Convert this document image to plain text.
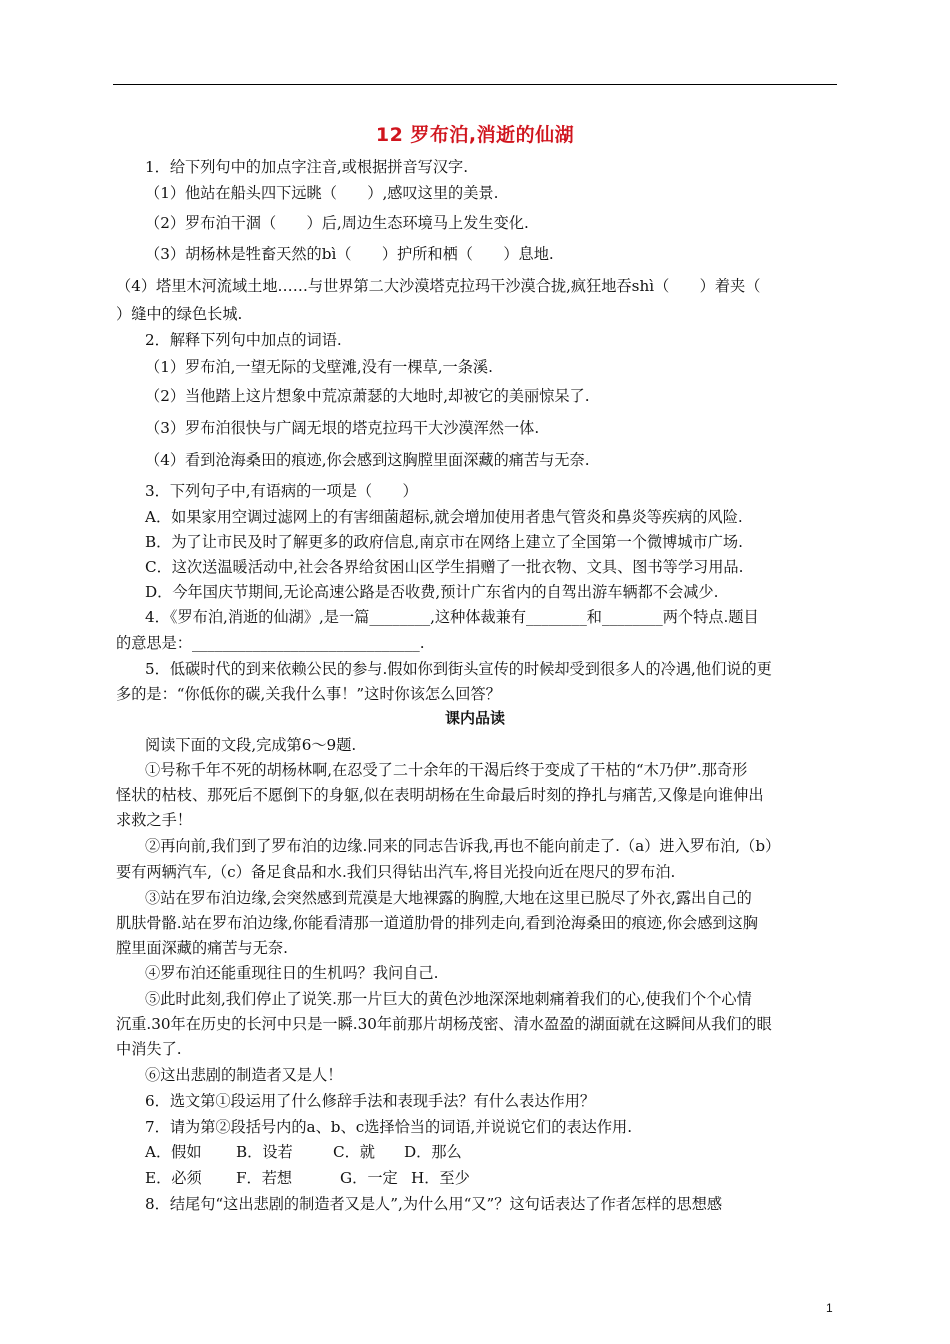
12 罗布泊,消逝的仙湖
1．给下列句中的加点字注音,或根据拼音写汉字.
（1）他站在船头四下远眺（　　）,感叹这里的美景.
（2）罗布泊干涸（　　）后,周边生态环境马上发生变化.
（3）胡杨林是牲畜天然的bì（　　）护所和栖（　　）息地.
（4）塔里木河流域土地……与世界第二大沙漠塔克拉玛干沙漠合拢,疯狂地吞shì（　　）着夹（
）缝中的绿色长城.
2．解释下列句中加点的词语.
（1）罗布泊,一望无际的戈壁滩,没有一棵草,一条溪.
（2）当他踏上这片想象中荒凉萧瑟的大地时,却被它的美丽惊呆了.
（3）罗布泊很快与广阔无垠的塔克拉玛干大沙漠浑然一体.
（4）看到沧海桑田的痕迹,你会感到这胸膛里面深藏的痛苦与无奈.
3．下列句子中,有语病的一项是（　　）
A．如果家用空调过滤网上的有害细菌超标,就会增加使用者患气管炎和鼻炎等疾病的风险.
B．为了让市民及时了解更多的政府信息,南京市在网络上建立了全国第一个微博城市广场.
C．这次送温暖活动中,社会各界给贫困山区学生捐赠了一批衣物、文具、图书等学习用品.
D．今年国庆节期间,无论高速公路是否收费,预计广东省内的自驾出游车辆都不会减少.
4．《罗布泊,消逝的仙湖》,是一篇________,这种体裁兼有________和________两个特点.题目
的意思是：______________________________.
5．低碳时代的到来依赖公民的参与.假如你到街头宣传的时候却受到很多人的冷遇,他们说的更
多的是：“你低你的碳,关我什么事！”这时你该怎么回答？
课内品读
阅读下面的文段,完成第6～9题.
①号称千年不死的胡杨林啊,在忍受了二十余年的干渴后终于变成了干枯的“木乃伊”.那奇形
怪状的枯枝、那死后不愿倒下的身躯,似在表明胡杨在生命最后时刻的挣扎与痛苦,又像是向谁伸出
求救之手！
②再向前,我们到了罗布泊的边缘.同来的同志告诉我,再也不能向前走了.（a）进入罗布泊,（b）
要有两辆汽车,（c）备足食品和水.我们只得钻出汽车,将目光投向近在咫尺的罗布泊.
③站在罗布泊边缘,会突然感到荒漠是大地裸露的胸膛,大地在这里已脱尽了外衣,露出自己的
肌肤骨骼.站在罗布泊边缘,你能看清那一道道肋骨的排列走向,看到沧海桑田的痕迹,你会感到这胸
膛里面深藏的痛苦与无奈.
④罗布泊还能重现往日的生机吗？我问自己.
⑤此时此刻,我们停止了说笑.那一片巨大的黄色沙地深深地刺痛着我们的心,使我们个个心情
沉重.30年在历史的长河中只是一瞬.30年前那片胡杨茂密、清水盈盈的湖面就在这瞬间从我们的眼
中消失了.
⑥这出悲剧的制造者又是人！
6．选文第①段运用了什么修辞手法和表现手法？有什么表达作用？
7．请为第②段括号内的a、b、c选择恰当的词语,并说说它们的表达作用.
A．假如 B．设若	C．就 D．那么
E．必须 F．若想	G．一定 H．至少
8．结尾句“这出悲剧的制造者又是人”,为什么用“又”？这句话表达了作者怎样的思想感
1
